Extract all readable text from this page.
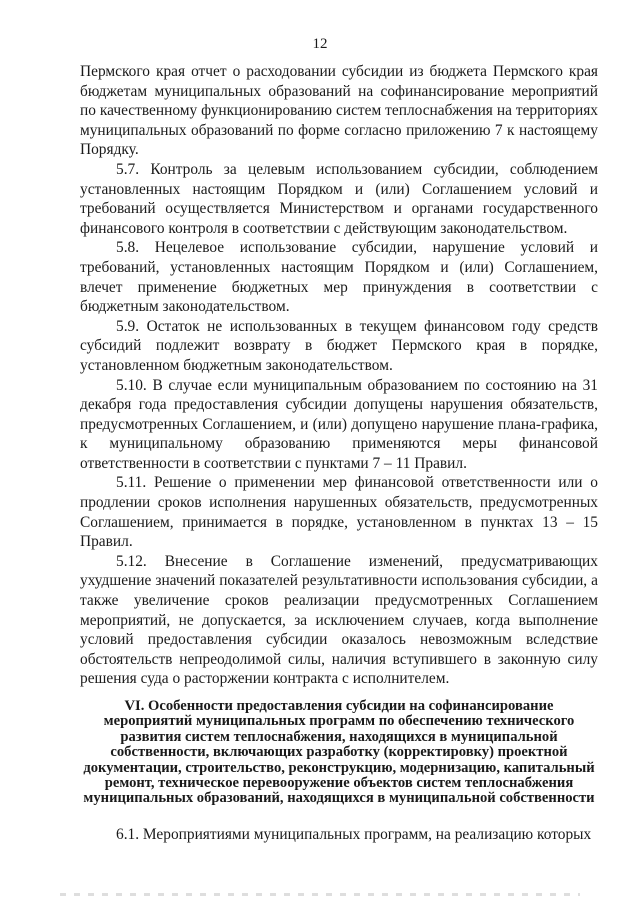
12

Пермского края отчет о расходовании субсидии из бюджета Пермского края бюджетам муниципальных образований на софинансирование мероприятий по качественному функционированию систем теплоснабжения на территориях муниципальных образований по форме согласно приложению 7 к настоящему Порядку.

5.7. Контроль за целевым использованием субсидии, соблюдением установленных настоящим Порядком и (или) Соглашением условий и требований осуществляется Министерством и органами государственного финансового контроля в соответствии с действующим законодательством.

5.8. Нецелевое использование субсидии, нарушение условий и требований, установленных настоящим Порядком и (или) Соглашением, влечет применение бюджетных мер принуждения в соответствии с бюджетным законодательством.

5.9. Остаток не использованных в текущем финансовом году средств субсидий подлежит возврату в бюджет Пермского края в порядке, установленном бюджетным законодательством.

5.10. В случае если муниципальным образованием по состоянию на 31 декабря года предоставления субсидии допущены нарушения обязательств, предусмотренных Соглашением, и (или) допущено нарушение плана-графика, к муниципальному образованию применяются меры финансовой ответственности в соответствии с пунктами 7 – 11 Правил.

5.11. Решение о применении мер финансовой ответственности или о продлении сроков исполнения нарушенных обязательств, предусмотренных Соглашением, принимается в порядке, установленном в пунктах 13 – 15 Правил.

5.12. Внесение в Соглашение изменений, предусматривающих ухудшение значений показателей результативности использования субсидии, а также увеличение сроков реализации предусмотренных Соглашением мероприятий, не допускается, за исключением случаев, когда выполнение условий предоставления субсидии оказалось невозможным вследствие обстоятельств непреодолимой силы, наличия вступившего в законную силу решения суда о расторжении контракта с исполнителем.

VI. Особенности предоставления субсидии на софинансирование мероприятий муниципальных программ по обеспечению технического развития систем теплоснабжения, находящихся в муниципальной собственности, включающих разработку (корректировку) проектной документации, строительство, реконструкцию, модернизацию, капитальный ремонт, техническое перевооружение объектов систем теплоснабжения муниципальных образований, находящихся в муниципальной собственности

6.1. Мероприятиями муниципальных программ, на реализацию которых
